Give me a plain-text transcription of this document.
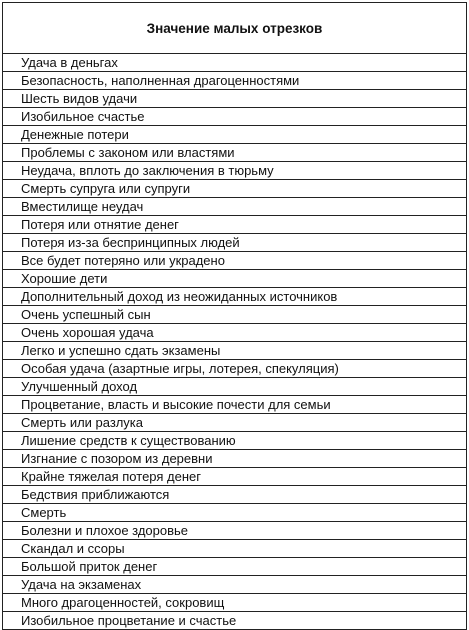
Значение малых отрезков
Удача в деньгах
Безопасность, наполненная драгоценностями
Шесть видов удачи
Изобильное счастье
Денежные потери
Проблемы с законом или властями
Неудача, вплоть до заключения в тюрьму
Смерть супруга или супруги
Вместилище неудач
Потеря или отнятие денег
Потеря из-за беспринципных людей
Все будет потеряно или украдено
Хорошие дети
Дополнительный доход из неожиданных источников
Очень успешный сын
Очень хорошая удача
Легко и успешно сдать экзамены
Особая удача (азартные игры, лотерея, спекуляция)
Улучшенный доход
Процветание, власть и высокие почести для семьи
Смерть или разлука
Лишение средств к существованию
Изгнание с позором из деревни
Крайне тяжелая потеря денег
Бедствия приближаются
Смерть
Болезни и плохое здоровье
Скандал и ссоры
Большой приток денег
Удача на экзаменах
Много драгоценностей, сокровищ
Изобильное процветание и счастье
